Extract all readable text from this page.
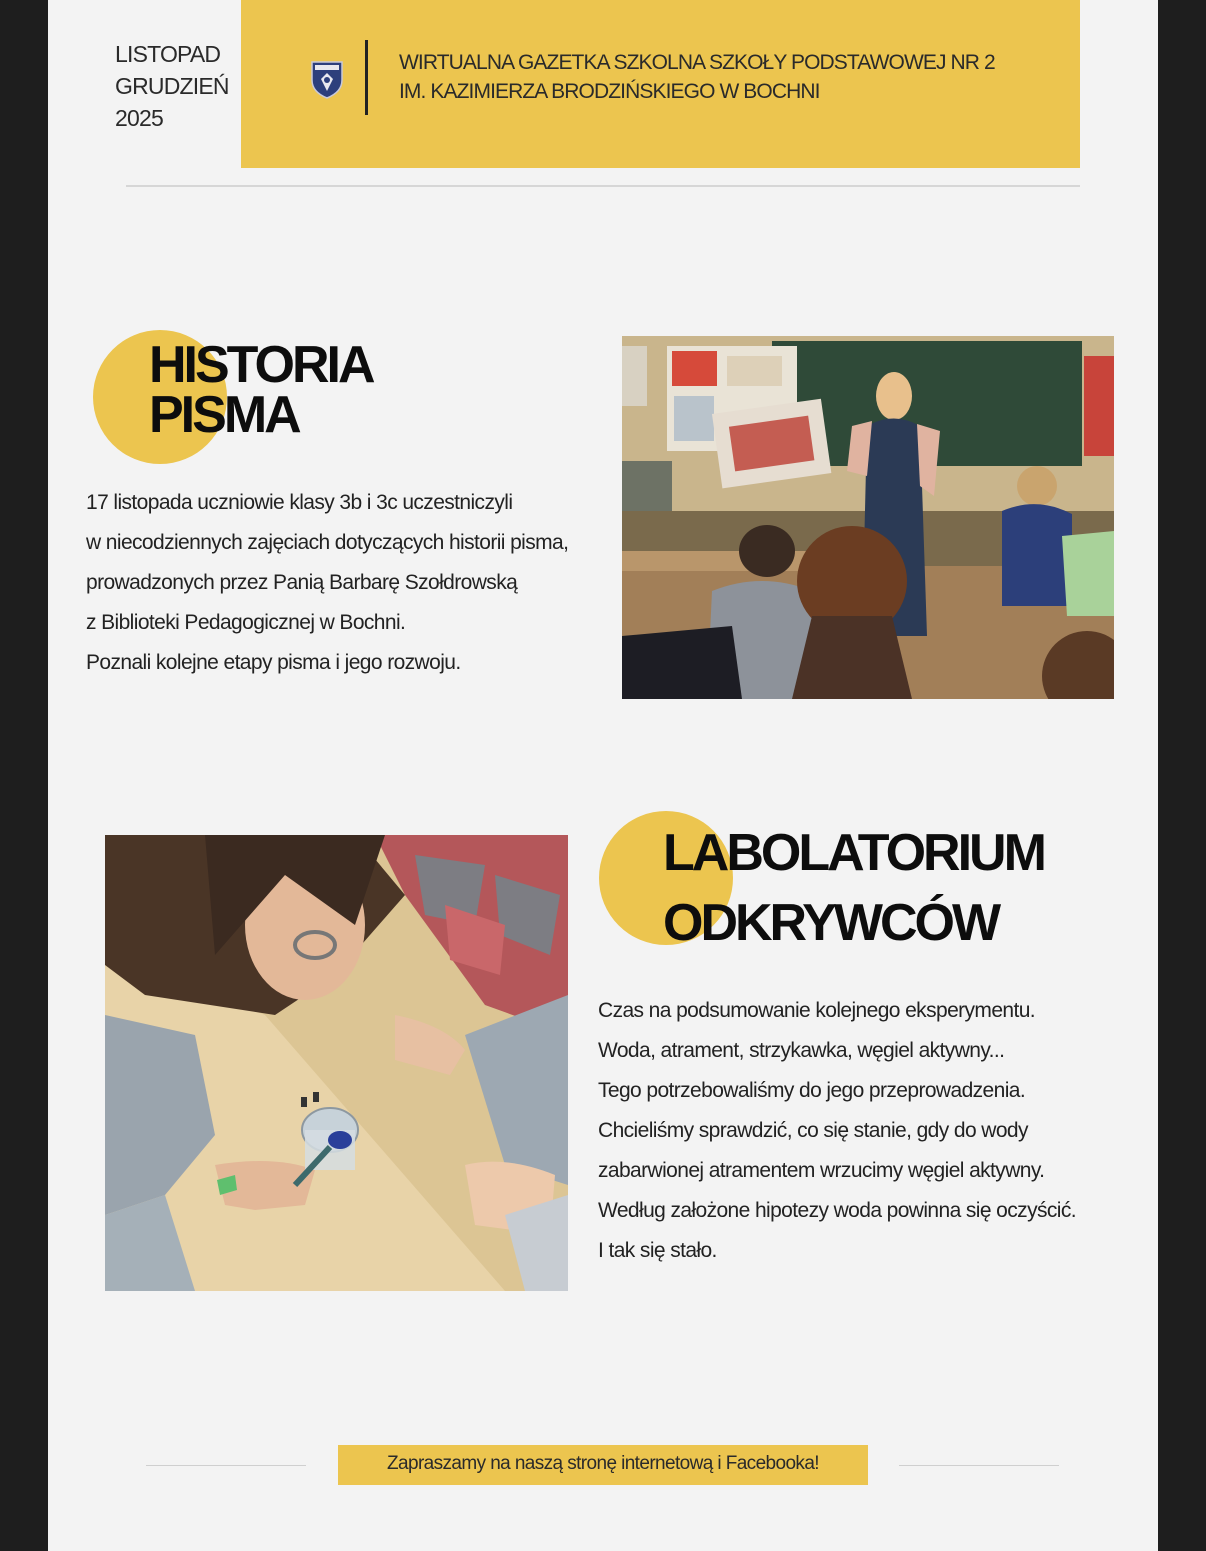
LISTOPAD
GRUDZIEŃ
2025
WIRTUALNA GAZETKA SZKOLNA SZKOŁY PODSTAWOWEJ NR 2
IM. KAZIMIERZA BRODZIŃSKIEGO W BOCHNI
HISTORIA
PISMA
17 listopada uczniowie klasy 3b i 3c uczestniczyli
w niecodziennych zajęciach dotyczących historii pisma,
prowadzonych przez Panią Barbarę Szołdrowską
z Biblioteki Pedagogicznej w Bochni.
Poznali kolejne etapy pisma i jego rozwoju.
LABOLATORIUM
ODKRYWCÓW
Czas na podsumowanie kolejnego eksperymentu.
Woda, atrament, strzykawka, węgiel aktywny...
Tego potrzebowaliśmy do jego przeprowadzenia.
Chcieliśmy sprawdzić, co się stanie, gdy do wody
zabarwionej atramentem wrzucimy węgiel aktywny.
Według założone hipotezy woda powinna się oczyścić.
I tak się stało.
Zapraszamy na naszą stronę internetową i Facebooka!
